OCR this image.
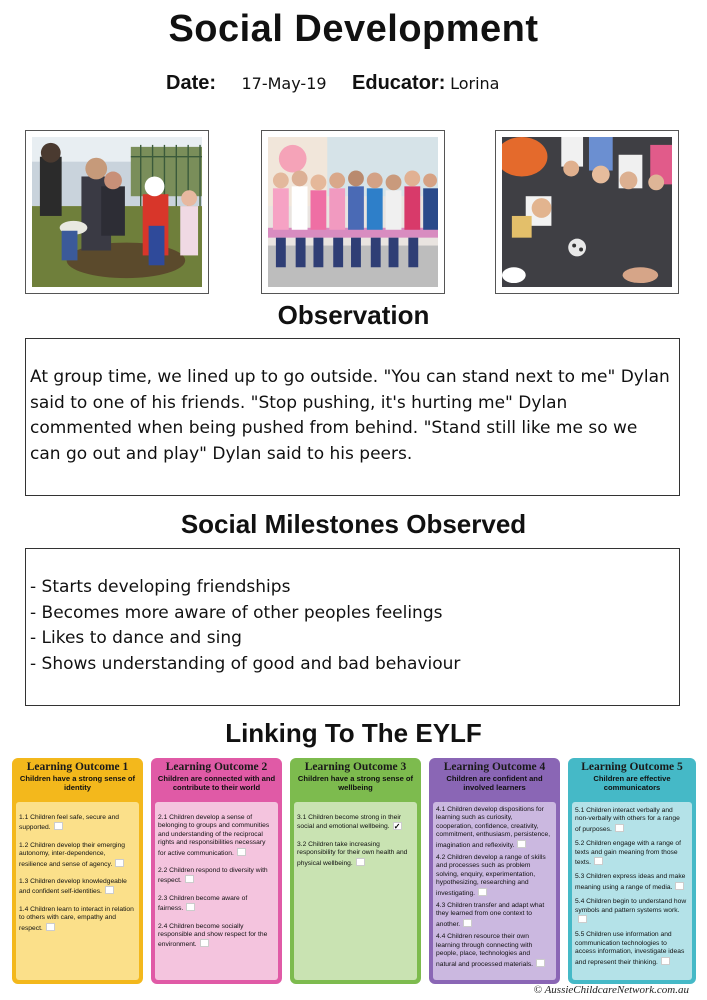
Social Development
Date: 17-May-19 Educator: Lorina
Observation
At group time, we lined up to go outside. "You can stand next to me" Dylan said to one of his friends. "Stop pushing, it's hurting me" Dylan commented when being pushed from behind. "Stand still like me so we can go out and play" Dylan said to his peers.
Social Milestones Observed
- Starts developing friendships
- Becomes more aware of other peoples feelings
- Likes to dance and sing
- Shows understanding of good and bad behaviour
Linking To The EYLF
Learning Outcome 1
Children have a strong sense of identity
1.1 Children feel safe, secure and supported.
1.2 Children develop their emerging autonomy, inter-dependence, resilience and sense of agency.
1.3 Children develop knowledgeable and confident self-identities.
1.4 Children learn to interact in relation to others with care, empathy and respect.
Learning Outcome 2
Children are connected with and contribute to their world
2.1 Children develop a sense of belonging to groups and communities and understanding of the reciprocal rights and responsibilities necessary for active communication.
2.2 Children respond to diversity with respect.
2.3 Children become aware of fairness.
2.4 Children become socially responsible and show respect for the environment.
Learning Outcome 3
Children have a strong sense of wellbeing
3.1 Children become strong in their social and emotional wellbeing. ✓
3.2 Children take increasing responsibility for their own health and physical wellbeing.
Learning Outcome 4
Children are confident and involved learners
4.1 Children develop dispositions for learning such as curiosity, cooperation, confidence, creativity, commitment, enthusiasm, persistence, imagination and reflexivity.
4.2 Children develop a range of skills and processes such as problem solving, enquiry, experimentation, hypothesizing, researching and investigating.
4.3 Children transfer and adapt what they learned from one context to another.
4.4 Children resource their own learning through connecting with people, place, technologies and natural and processed materials.
Learning Outcome 5
Children are effective communicators
5.1 Children interact verbally and non-verbally with others for a range of purposes.
5.2 Children engage with a range of texts and gain meaning from those texts.
5.3 Children express ideas and make meaning using a range of media.
5.4 Children begin to understand how symbols and pattern systems work.
5.5 Children use information and communication technologies to access information, investigate ideas and represent their thinking.
© AussieChildcareNetwork.com.au
